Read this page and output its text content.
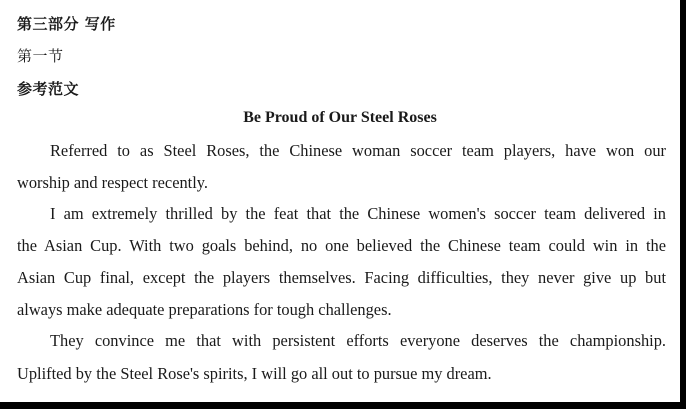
第三部分 写作
第一节
参考范文
Be Proud of Our Steel Roses
Referred to as Steel Roses, the Chinese woman soccer team players, have won our
worship and respect recently.
I am extremely thrilled by the feat that the Chinese women's soccer team delivered in
the Asian Cup. With two goals behind, no one believed the Chinese team could win in the
Asian Cup final, except the players themselves. Facing difficulties, they never give up but
always make adequate preparations for tough challenges.
They convince me that with persistent efforts everyone deserves the championship.
Uplifted by the Steel Rose's spirits, I will go all out to pursue my dream.
